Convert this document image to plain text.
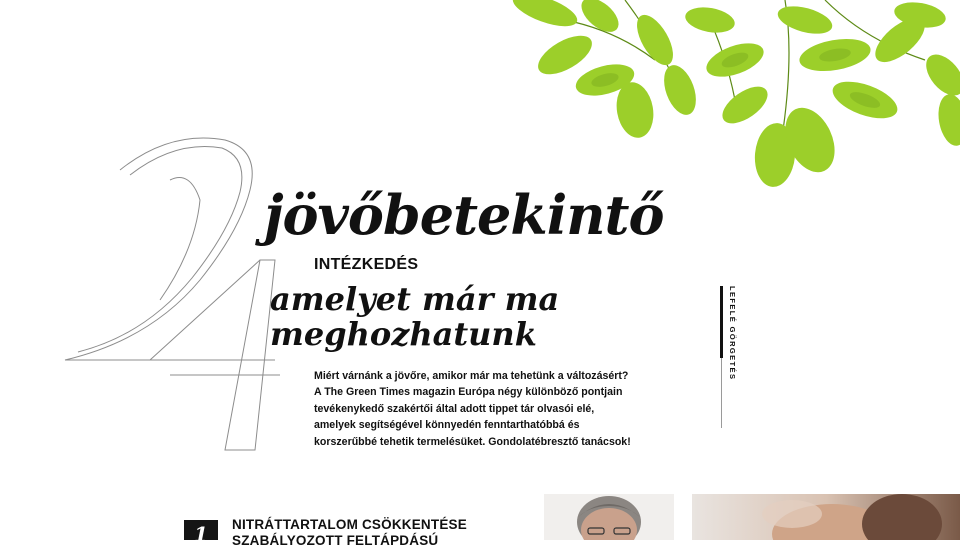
jövőbetekintő
INTÉZKEDÉS
amelyet már ma
meghozhatunk
Miért várnánk a jövőre, amikor már ma tehetünk a változásért?
A The Green Times magazin Európa négy különböző pontjain
tevékenykedő szakértői által adott tippet tár olvasói elé,
amelyek segítségével könnyedén fenntarthatóbbá és
korszerűbbé tehetik termelésüket. Gondolatébresztő tanácsok!
LEFELÉ GÖRGETÉS
1	NITRÁTTARTALOM CSÖKKENTÉSE
SZABÁLYOZOTT FELTÁPDÁSÚ
